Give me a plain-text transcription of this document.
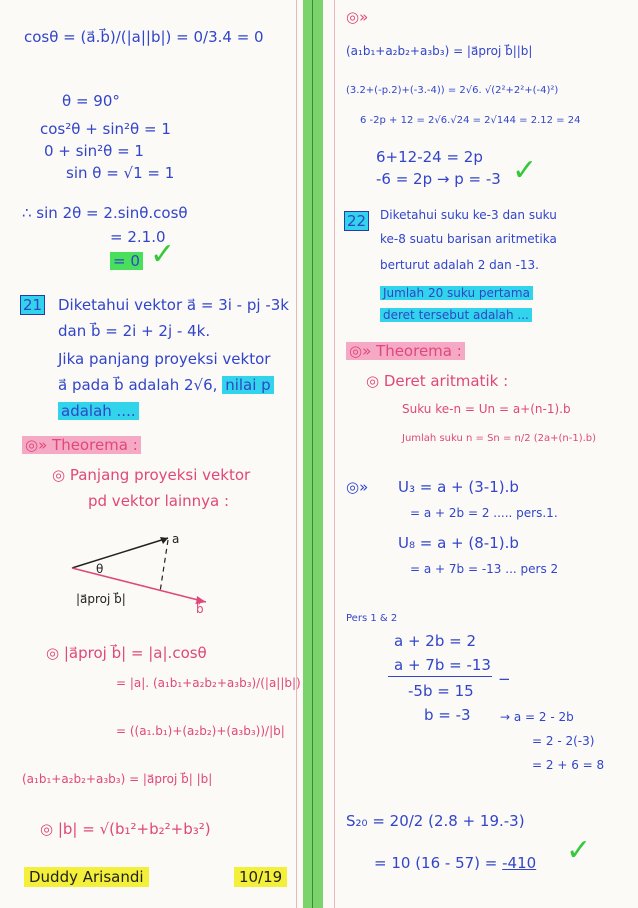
cosθ = (a⃗.b⃗)/(|a||b|) = 0/3.4 = 0
θ = 90°
cos²θ + sin²θ = 1
0 + sin²θ = 1
sin θ = √1 = 1
∴ sin 2θ = 2.sinθ.cosθ
= 2.1.0
= 0 ✓
21 Diketahui vektor a⃗ = 3i - pj -3k
dan b⃗ = 2i + 2j - 4k.
Jika panjang proyeksi vektor
a⃗ pada b⃗ adalah 2√6, nilai p
adalah ....
◎» Theorema :
◎ Panjang proyeksi vektor
pd vektor lainnya :
a
θ
|a⃗proj b⃗|
b⃗
◎ |a⃗proj b⃗| = |a|.cosθ
= |a|. (a₁b₁+a₂b₂+a₃b₃)/(|a||b|)
= ((a₁.b₁)+(a₂b₂)+(a₃b₃))/|b|
(a₁b₁+a₂b₂+a₃b₃) = |a⃗proj b⃗| |b|
◎ |b| = √(b₁²+b₂²+b₃²)
Duddy Arisandi	10/19
◎»
(a₁b₁+a₂b₂+a₃b₃) = |a⃗proj b⃗||b|
(3.2+(-p.2)+(-3.-4)) = 2√6. √(2²+2²+(-4)²)
6 -2p + 12 = 2√6.√24 = 2√144 = 2.12 = 24
6+12-24 = 2p
-6 = 2p → p = -3 ✓
22 Diketahui suku ke-3 dan suku
ke-8 suatu barisan aritmetika
berturut adalah 2 dan -13.
Jumlah 20 suku pertama
deret tersebut adalah ...
◎» Theorema :
◎ Deret aritmatik :
Suku ke-n = Un = a+(n-1).b
Jumlah suku n = Sn = n/2 (2a+(n-1).b)
◎» U₃ = a + (3-1).b
= a + 2b = 2 ..... pers.1.
U₈ = a + (8-1).b
= a + 7b = -13 ... pers 2
Pers 1 & 2
a + 2b = 2
a + 7b = -13
−
-5b = 15
b = -3 → a = 2 - 2b
= 2 - 2(-3)
= 2 + 6 = 8
S₂₀ = 20/2 (2.8 + 19.-3)
= 10 (16 - 57) = -410 ✓
